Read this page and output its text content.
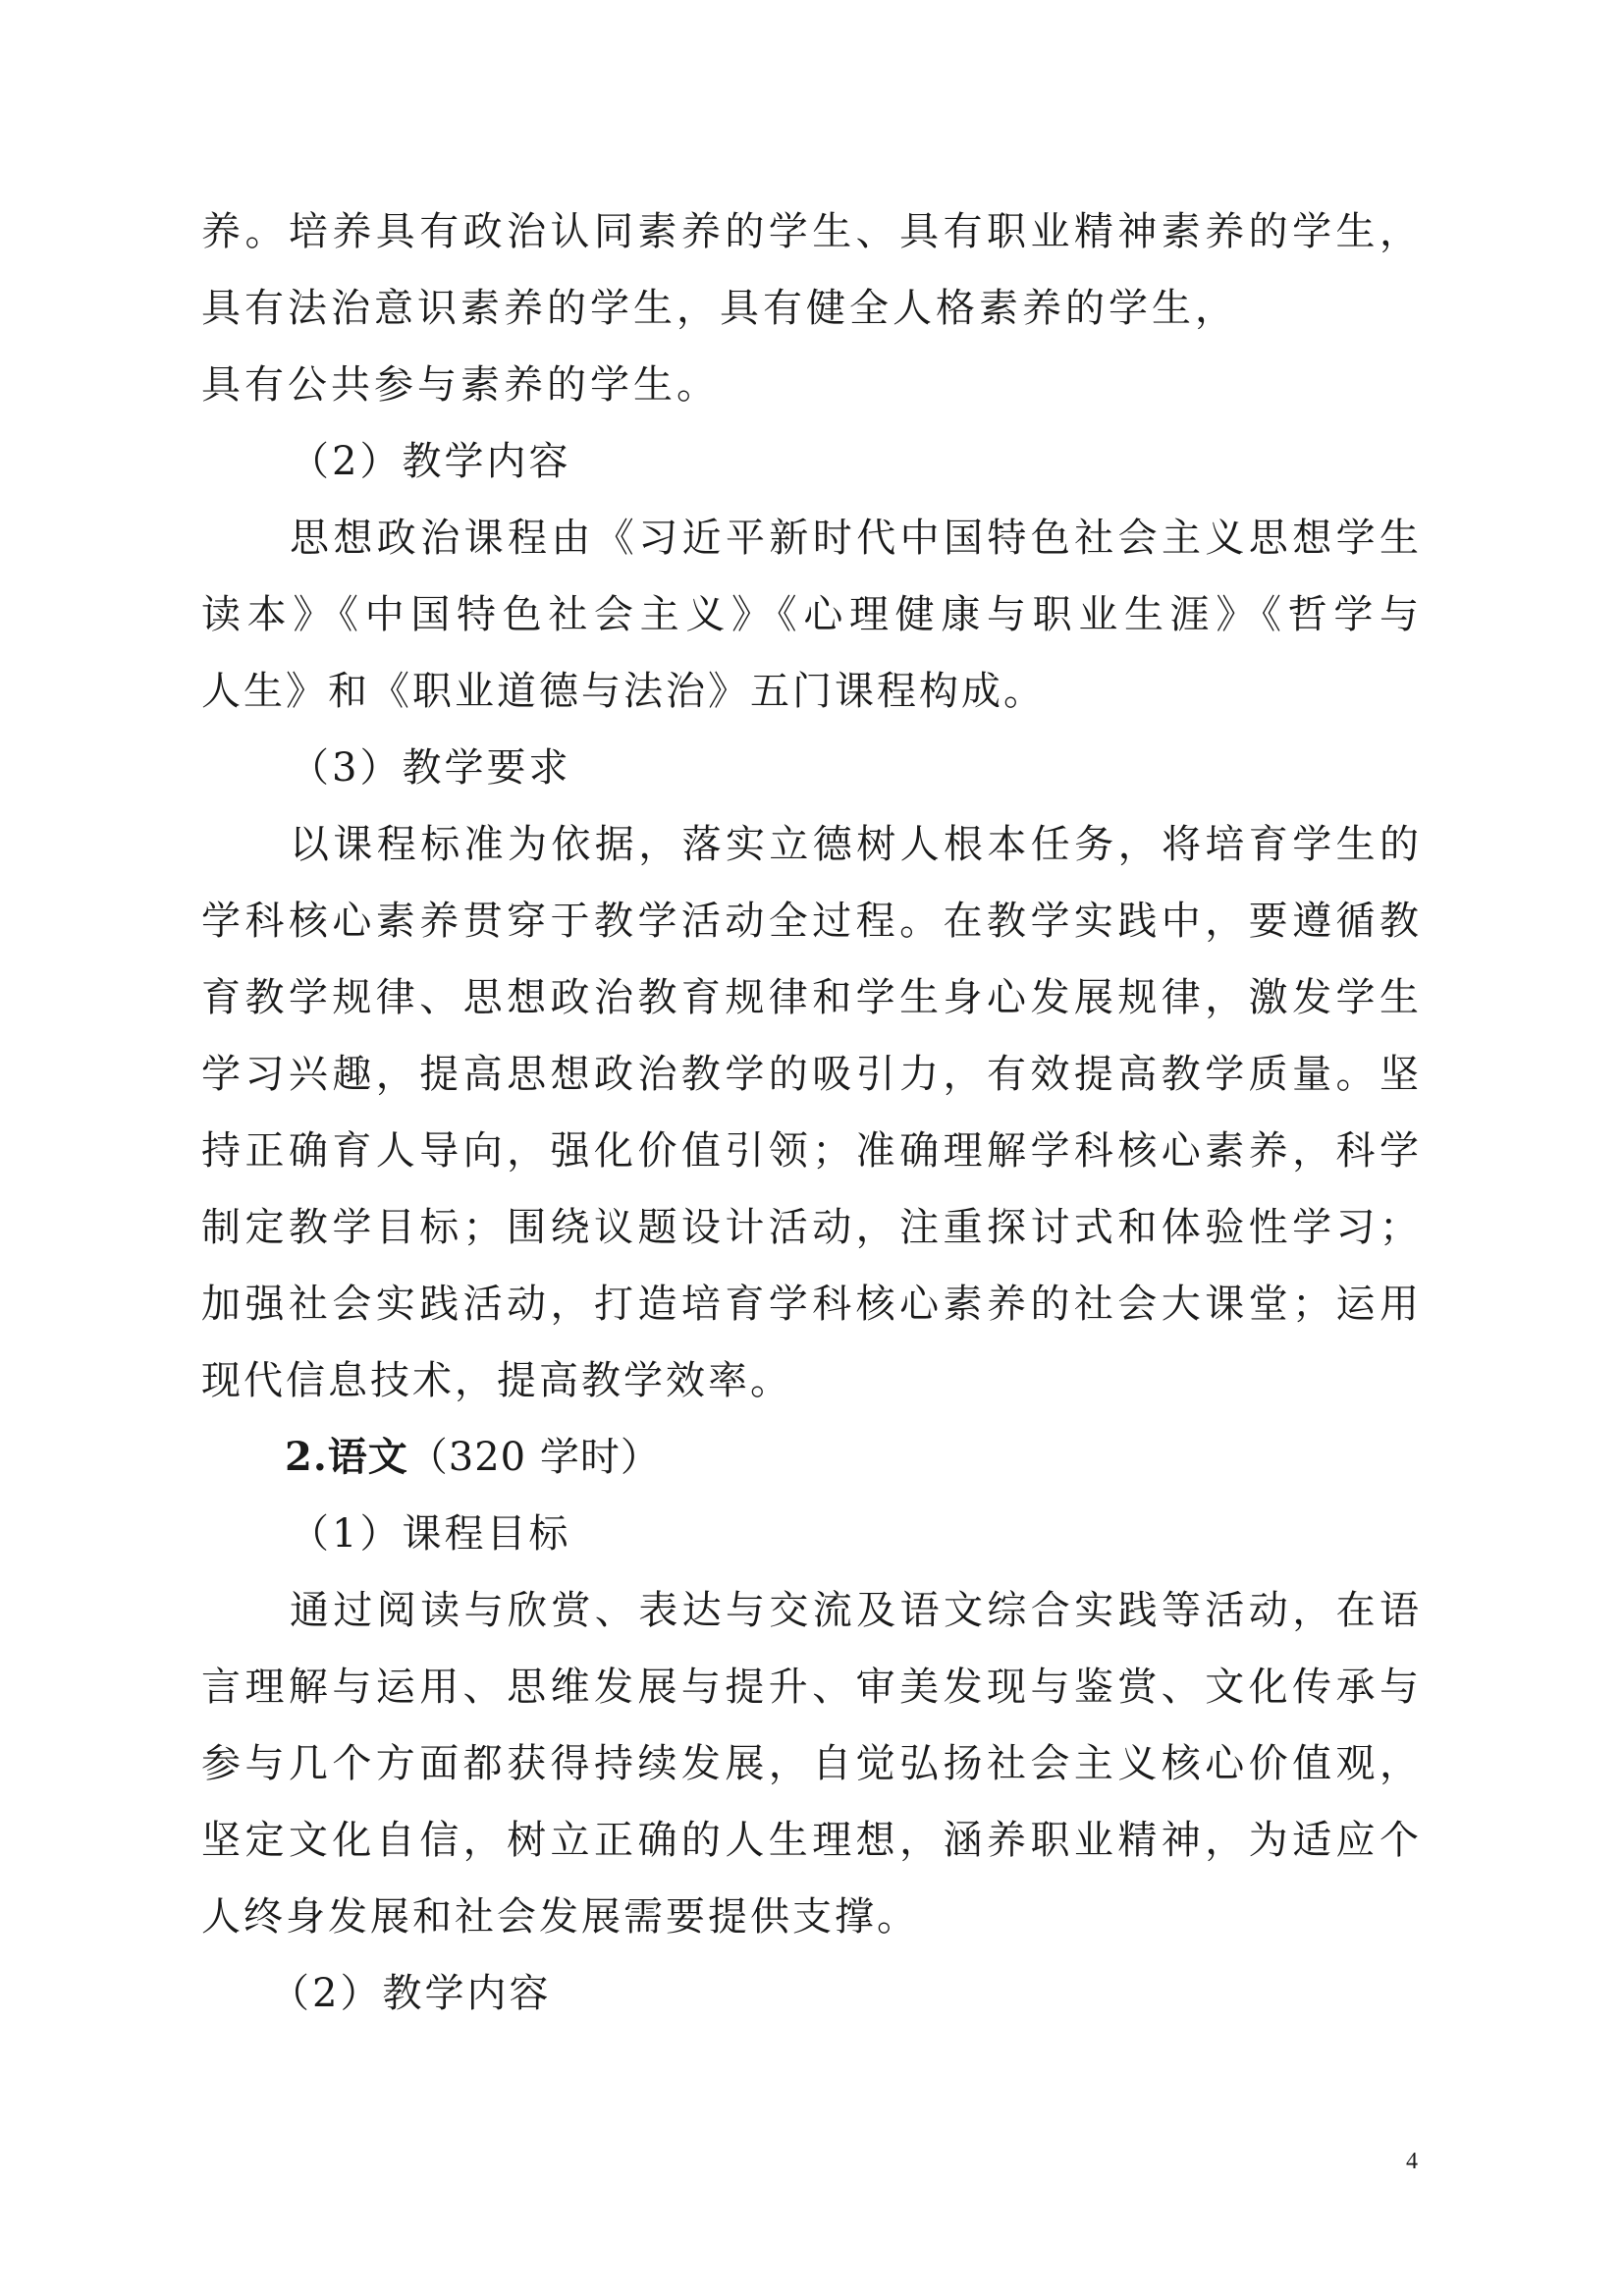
养。培养具有政治认同素养的学生、具有职业精神素养的学生，
具有法治意识素养的学生，具有健全人格素养的学生，
具有公共参与素养的学生。
（2）教学内容
思想政治课程由《习近平新时代中国特色社会主义思想学生
读本》《中国特色社会主义》《心理健康与职业生涯》《哲学与
人生》和《职业道德与法治》五门课程构成。
（3）教学要求
以课程标准为依据，落实立德树人根本任务，将培育学生的
学科核心素养贯穿于教学活动全过程。在教学实践中，要遵循教
育教学规律、思想政治教育规律和学生身心发展规律，激发学生
学习兴趣，提高思想政治教学的吸引力，有效提高教学质量。坚
持正确育人导向，强化价值引领；准确理解学科核心素养，科学
制定教学目标；围绕议题设计活动，注重探讨式和体验性学习；
加强社会实践活动，打造培育学科核心素养的社会大课堂；运用
现代信息技术，提高教学效率。
2.语文（320 学时）
（1）课程目标
通过阅读与欣赏、表达与交流及语文综合实践等活动，在语
言理解与运用、思维发展与提升、审美发现与鉴赏、文化传承与
参与几个方面都获得持续发展，自觉弘扬社会主义核心价值观，
坚定文化自信，树立正确的人生理想，涵养职业精神，为适应个
人终身发展和社会发展需要提供支撑。
（2）教学内容
4
